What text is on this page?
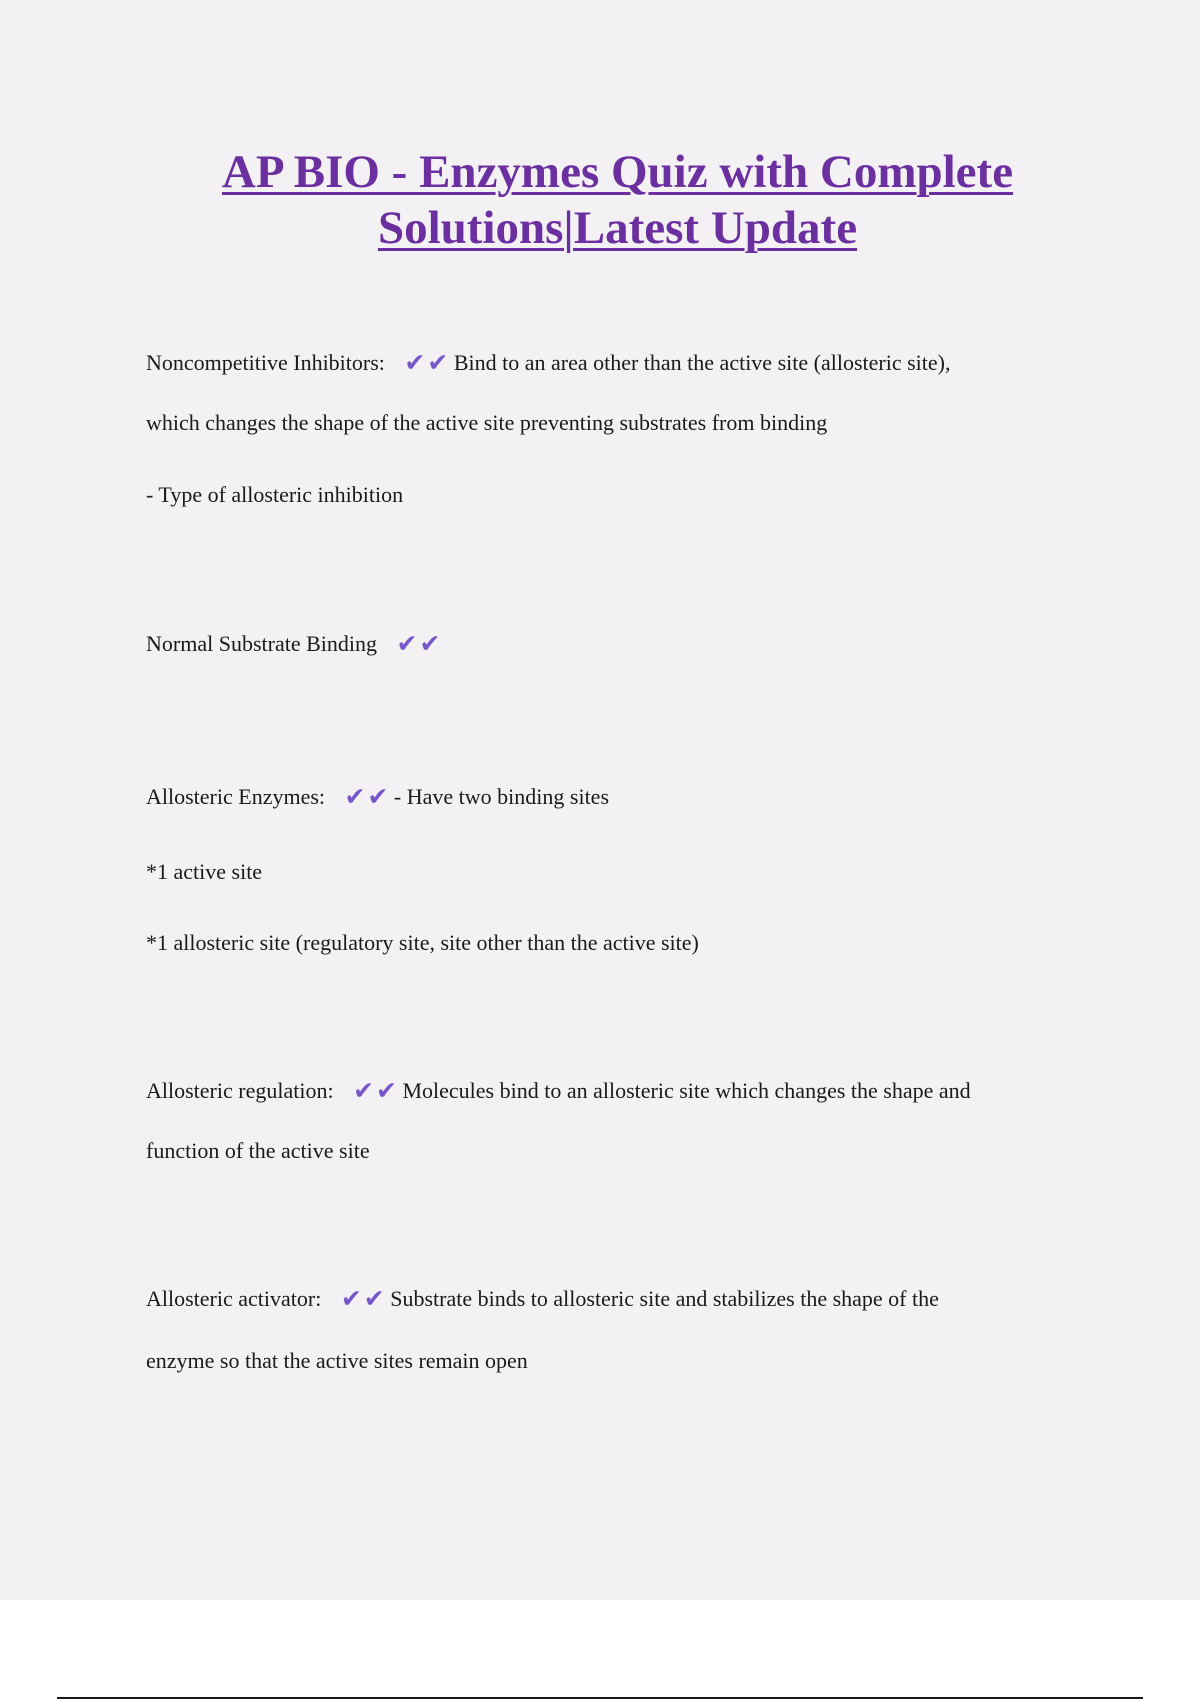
AP BIO - Enzymes Quiz with Complete
Solutions|Latest Update
Noncompetitive Inhibitors: ✔✔ Bind to an area other than the active site (allosteric site),
which changes the shape of the active site preventing substrates from binding
- Type of allosteric inhibition
Normal Substrate Binding ✔✔
Allosteric Enzymes: ✔✔ - Have two binding sites
*1 active site
*1 allosteric site (regulatory site, site other than the active site)
Allosteric regulation: ✔✔ Molecules bind to an allosteric site which changes the shape and
function of the active site
Allosteric activator: ✔✔ Substrate binds to allosteric site and stabilizes the shape of the
enzyme so that the active sites remain open
